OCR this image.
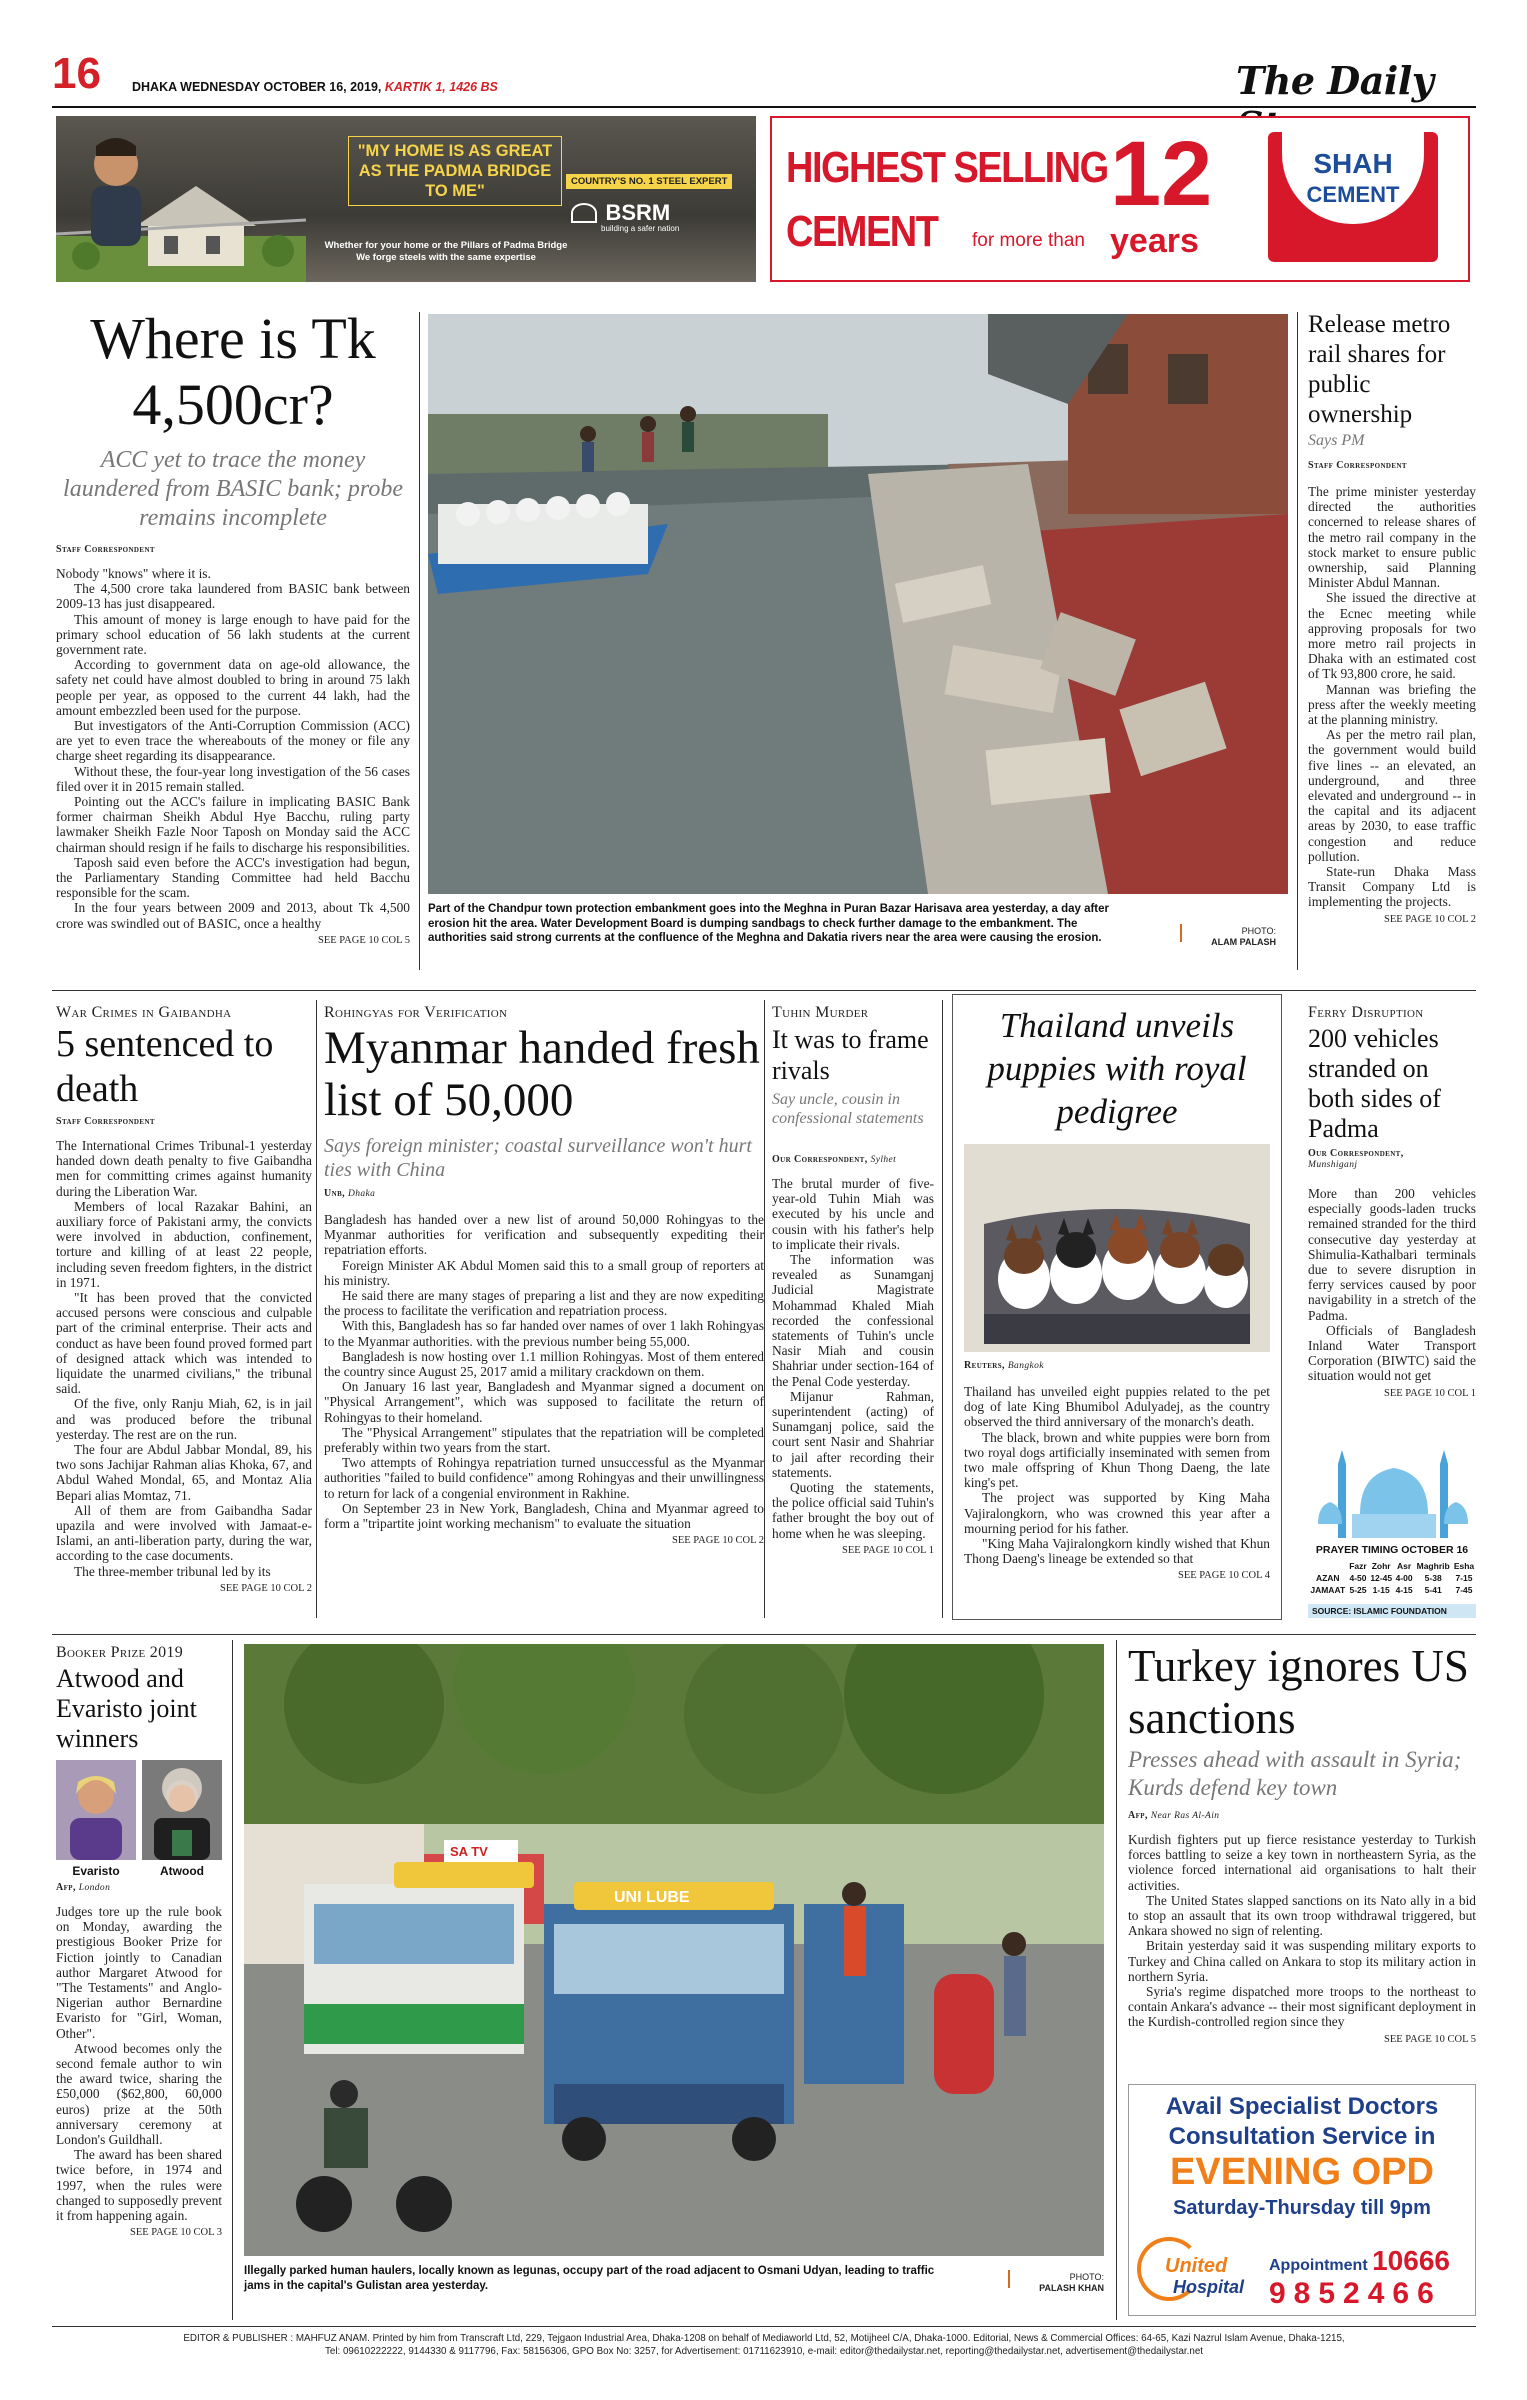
16 DHAKA WEDNESDAY OCTOBER 16, 2019, KARTIK 1, 1426 BS	The Daily
"MY HOME IS AS GREAT AS THE PADMA BRIDGE TO ME"
COUNTRY'S NO. 1 STEEL EXPERT
BSRM
building a safer nation
Whether for your home or the Pillars of Padma Bridge
We forge steels with the same expertise
HIGHEST SELLING
CEMENT for more than
12
years
SHAH
CEMENT
Where is Tk 4,500cr?
ACC yet to trace the money laundered from BASIC bank; probe remains incomplete
Staff Correspondent

Nobody "knows" where it is.

The 4,500 crore taka laundered from BASIC bank between 2009-13 has just disappeared.

This amount of money is large enough to have paid for the primary school education of 56 lakh students at the current government rate.

According to government data on age-old allowance, the safety net could have almost doubled to bring in around 75 lakh people per year, as opposed to the current 44 lakh, had the amount embezzled been used for the purpose.

But investigators of the Anti-Corruption Commission (ACC) are yet to even trace the whereabouts of the money or file any charge sheet regarding its disappearance.

Without these, the four-year long investigation of the 56 cases filed over it in 2015 remain stalled.

Pointing out the ACC's failure in implicating BASIC Bank former chairman Sheikh Abdul Hye Bacchu, ruling party lawmaker Sheikh Fazle Noor Taposh on Monday said the ACC chairman should resign if he fails to discharge his responsibilities.

Taposh said even before the ACC's investigation had begun, the Parliamentary Standing Committee had held Bacchu responsible for the scam.

In the four years between 2009 and 2013, about Tk 4,500 crore was swindled out of BASIC, once a healthy

SEE PAGE 10 COL 5
Part of the Chandpur town protection embankment goes into the Meghna in Puran Bazar Harisava area yesterday, a day after erosion hit the area. Water Development Board is dumping sandbags to check further damage to the embankment. The authorities said strong currents at the confluence of the Meghna and Dakatia rivers near the area were causing the erosion.
PHOTO:
ALAM PALASH
Release metro rail shares for public ownership
Says PM
Staff Correspondent

The prime minister yesterday directed the authorities concerned to release shares of the metro rail company in the stock market to ensure public ownership, said Planning Minister Abdul Mannan.

She issued the directive at the Ecnec meeting while approving proposals for two more metro rail projects in Dhaka with an estimated cost of Tk 93,800 crore, he said.

Mannan was briefing the press after the weekly meeting at the planning ministry.

As per the metro rail plan, the government would build five lines -- an elevated, an underground, and three elevated and underground -- in the capital and its adjacent areas by 2030, to ease traffic congestion and reduce pollution.

State-run Dhaka Mass Transit Company Ltd is implementing the projects.

SEE PAGE 10 COL 2
War Crimes in Gaibandha
5 sentenced to death
Staff Correspondent

The International Crimes Tribunal-1 yesterday handed down death penalty to five Gaibandha men for committing crimes against humanity during the Liberation War.

Members of local Razakar Bahini, an auxiliary force of Pakistani army, the convicts were involved in abduction, confinement, torture and killing of at least 22 people, including seven freedom fighters, in the district in 1971.

"It has been proved that the convicted accused persons were conscious and culpable part of the criminal enterprise. Their acts and conduct as have been found proved formed part of designed attack which was intended to liquidate the unarmed civilians," the tribunal said.

Of the five, only Ranju Miah, 62, is in jail and was produced before the tribunal yesterday. The rest are on the run.

The four are Abdul Jabbar Mondal, 89, his two sons Jachijar Rahman alias Khoka, 67, and Abdul Wahed Mondal, 65, and Montaz Alia Bepari alias Momtaz, 71.

All of them are from Gaibandha Sadar upazila and were involved with Jamaat-e-Islami, an anti-liberation party, during the war, according to the case documents.

The three-member tribunal led by its

SEE PAGE 10 COL 2
Rohingyas for Verification
Myanmar handed fresh list of 50,000
Says foreign minister; coastal surveillance won't hurt ties with China
Unb, Dhaka

Bangladesh has handed over a new list of around 50,000 Rohingyas to the Myanmar authorities for verification and subsequently expediting their repatriation efforts.

Foreign Minister AK Abdul Momen said this to a small group of reporters at his ministry.

He said there are many stages of preparing a list and they are now expediting the process to facilitate the verification and repatriation process.

With this, Bangladesh has so far handed over names of over 1 lakh Rohingyas to the Myanmar authorities. with the previous number being 55,000.

Bangladesh is now hosting over 1.1 million Rohingyas. Most of them entered the country since August 25, 2017 amid a military crackdown on them.

On January 16 last year, Bangladesh and Myanmar signed a document on "Physical Arrangement", which was supposed to facilitate the return of Rohingyas to their homeland.

The "Physical Arrangement" stipulates that the repatriation will be completed preferably within two years from the start.

Two attempts of Rohingya repatriation turned unsuccessful as the Myanmar authorities "failed to build confidence" among Rohingyas and their unwillingness to return for lack of a congenial environment in Rakhine.

On September 23 in New York, Bangladesh, China and Myanmar agreed to form a "tripartite joint working mechanism" to evaluate the situation

SEE PAGE 10 COL 2
Tuhin Murder
It was to frame rivals
Say uncle, cousin in confessional statements
Our Correspondent, Sylhet

The brutal murder of five-year-old Tuhin Miah was executed by his uncle and cousin with his father's help to implicate their rivals.

The information was revealed as Sunamganj Judicial Magistrate Mohammad Khaled Miah recorded the confessional statements of Tuhin's uncle Nasir Miah and cousin Shahriar under section-164 of the Penal Code yesterday.

Mijanur Rahman, superintendent (acting) of Sunamganj police, said the court sent Nasir and Shahriar to jail after recording their statements.

Quoting the statements, the police official said Tuhin's father brought the boy out of home when he was sleeping.

SEE PAGE 10 COL 1
Thailand unveils puppies with royal pedigree
Reuters, Bangkok

Thailand has unveiled eight puppies related to the pet dog of late King Bhumibol Adulyadej, as the country observed the third anniversary of the monarch's death.

The black, brown and white puppies were born from two royal dogs artificially inseminated with semen from two male offspring of Khun Thong Daeng, the late king's pet.

The project was supported by King Maha Vajiralongkorn, who was crowned this year after a mourning period for his father.

"King Maha Vajiralongkorn kindly wished that Khun Thong Daeng's lineage be extended so that

SEE PAGE 10 COL 4
Ferry Disruption
200 vehicles stranded on both sides of Padma
Our Correspondent,
Munshiganj

More than 200 vehicles especially goods-laden trucks remained stranded for the third consecutive day yesterday at Shimulia-Kathalbari terminals due to severe disruption in ferry services caused by poor navigability in a stretch of the Padma.

Officials of Bangladesh Inland Water Transport Corporation (BIWTC) said the situation would not get

SEE PAGE 10 COL 1
PRAYER TIMING OCTOBER 16
	Fazr	Zohr	Asr	Maghrib	Esha
AZAN	4-50	12-45	4-00	5-38	7-15
JAMAAT	5-25	1-15	4-15	5-41	7-45
SOURCE: ISLAMIC FOUNDATION
Booker Prize 2019
Atwood and Evaristo joint winners
Evaristo	Atwood
Afp, London

Judges tore up the rule book on Monday, awarding the prestigious Booker Prize for Fiction jointly to Canadian author Margaret Atwood for "The Testaments" and Anglo-Nigerian author Bernardine Evaristo for "Girl, Woman, Other".

Atwood becomes only the second female author to win the award twice, sharing the £50,000 ($62,800, 60,000 euros) prize at the 50th anniversary ceremony at London's Guildhall.

The award has been shared twice before, in 1974 and 1997, when the rules were changed to supposedly prevent it from happening again.

SEE PAGE 10 COL 3
SA TV
UNI LUBE
Illegally parked human haulers, locally known as legunas, occupy part of the road adjacent to Osmani Udyan, leading to traffic jams in the capital's Gulistan area yesterday.
PHOTO:
PALASH KHAN
Turkey ignores US sanctions
Presses ahead with assault in Syria; Kurds defend key town
Afp, Near Ras Al-Ain

Kurdish fighters put up fierce resistance yesterday to Turkish forces battling to seize a key town in northeastern Syria, as the violence forced international aid organisations to halt their activities.

The United States slapped sanctions on its Nato ally in a bid to stop an assault that its own troop withdrawal triggered, but Ankara showed no sign of relenting.

Britain yesterday said it was suspending military exports to Turkey and China called on Ankara to stop its military action in northern Syria.

Syria's regime dispatched more troops to the northeast to contain Ankara's advance -- their most significant deployment in the Kurdish-controlled region since they

SEE PAGE 10 COL 5
Avail Specialist Doctors
Consultation Service in
EVENING OPD
Saturday-Thursday till 9pm
United
Hospital
Appointment 10666
9852466
EDITOR & PUBLISHER : MAHFUZ ANAM. Printed by him from Transcraft Ltd, 229, Tejgaon Industrial Area, Dhaka-1208 on behalf of Mediaworld Ltd, 52, Motijheel C/A, Dhaka-1000. Editorial, News & Commercial Offices: 64-65, Kazi Nazrul Islam Avenue, Dhaka-1215,
Tel: 09610222222, 9144330 & 9117796, Fax: 58156306, GPO Box No: 3257, for Advertisement: 01711623910, e-mail: editor@thedailystar.net, reporting@thedailystar.net, advertisement@thedailystar.net
